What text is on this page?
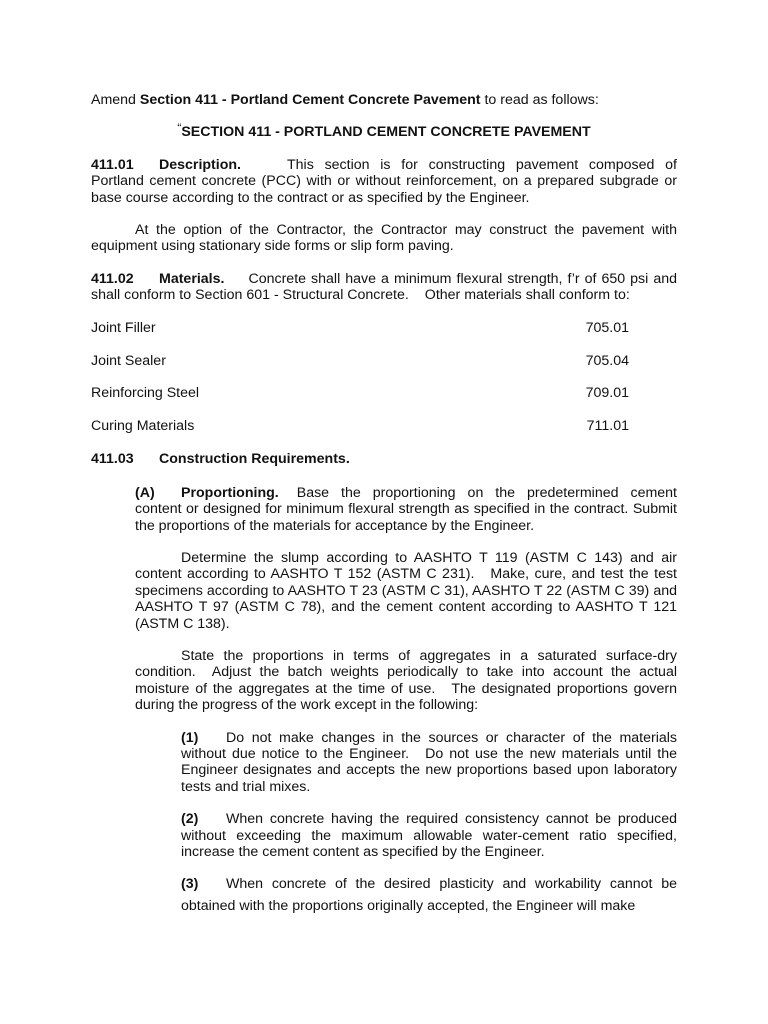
Amend Section 411 - Portland Cement Concrete Pavement to read as follows:

“SECTION 411 - PORTLAND CEMENT CONCRETE PAVEMENT

411.01 Description.	This section is for constructing pavement composed of Portland cement concrete (PCC) with or without reinforcement, on a prepared subgrade or base course according to the contract or as specified by the Engineer.

At the option of the Contractor, the Contractor may construct the pavement with equipment using stationary side forms or slip form paving.

411.02 Materials. Concrete shall have a minimum flexural strength, f’r of 650 psi and shall conform to Section 601 - Structural Concrete. Other materials shall conform to:

Joint Filler	705.01
Joint Sealer	705.04
Reinforcing Steel	709.01
Curing Materials	711.01

411.03 Construction Requirements.

(A) Proportioning. Base the proportioning on the predetermined cement content or designed for minimum flexural strength as specified in the contract. Submit the proportions of the materials for acceptance by the Engineer.

Determine the slump according to AASHTO T 119 (ASTM C 143) and air content according to AASHTO T 152 (ASTM C 231). Make, cure, and test the test specimens according to AASHTO T 23 (ASTM C 31), AASHTO T 22 (ASTM C 39) and AASHTO T 97 (ASTM C 78), and the cement content according to AASHTO T 121 (ASTM C 138).

State the proportions in terms of aggregates in a saturated surface-dry condition. Adjust the batch weights periodically to take into account the actual moisture of the aggregates at the time of use. The designated proportions govern during the progress of the work except in the following:

(1) Do not make changes in the sources or character of the materials without due notice to the Engineer. Do not use the new materials until the Engineer designates and accepts the new proportions based upon laboratory tests and trial mixes.

(2) When concrete having the required consistency cannot be produced without exceeding the maximum allowable water-cement ratio specified, increase the cement content as specified by the Engineer.

(3) When concrete of the desired plasticity and workability cannot be obtained with the proportions originally accepted, the Engineer will make
